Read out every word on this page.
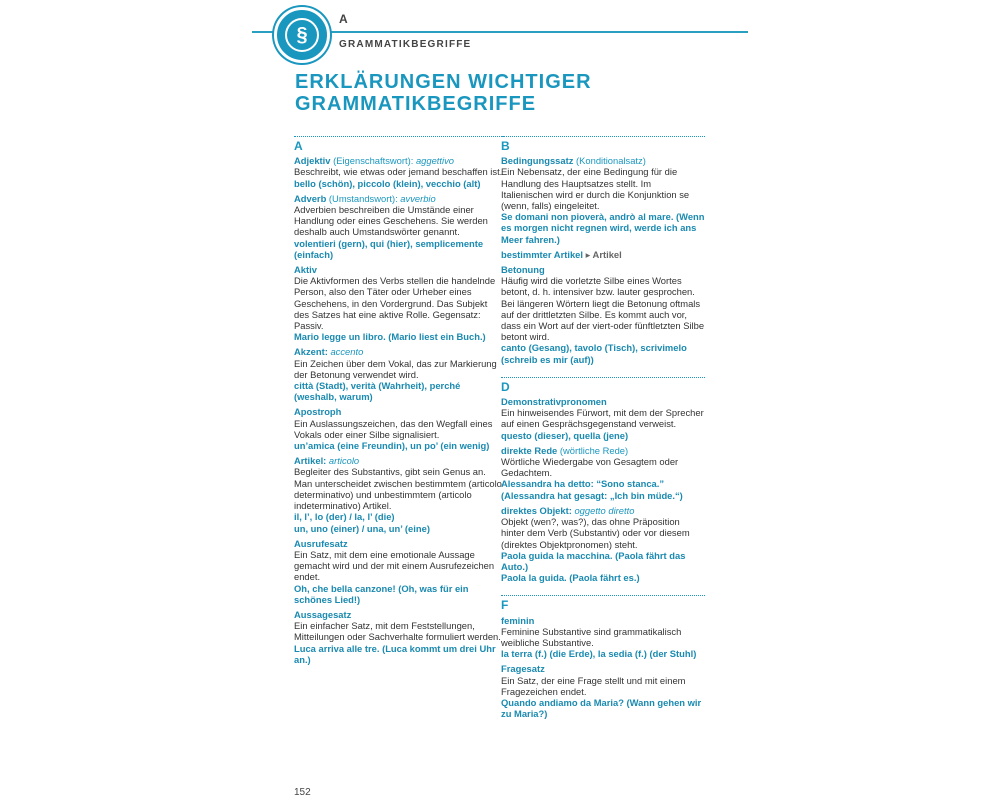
§
A
GRAMMATIKBEGRIFFE
ERKLÄRUNGEN WICHTIGER
GRAMMATIKBEGRIFFE
A
Adjektiv (Eigenschaftswort): aggettivo
Beschreibt, wie etwas oder jemand beschaffen ist.
bello (schön), piccolo (klein), vecchio (alt)
Adverb (Umstandswort): avverbio
Adverbien beschreiben die Umstände einer Handlung oder eines Geschehens. Sie werden deshalb auch Umstandswörter genannt.
volentieri (gern), qui (hier), semplicemente (einfach)
Aktiv
Die Aktivformen des Verbs stellen die handelnde Person, also den Täter oder Urheber eines Geschehens, in den Vordergrund. Das Subjekt des Satzes hat eine aktive Rolle. Gegensatz: Passiv.
Mario legge un libro. (Mario liest ein Buch.)
Akzent: accento
Ein Zeichen über dem Vokal, das zur Markierung der Betonung verwendet wird.
città (Stadt), verità (Wahrheit), perché (weshalb, warum)
Apostroph
Ein Auslassungszeichen, das den Wegfall eines Vokals oder einer Silbe signalisiert.
un’amica (eine Freundin), un po’ (ein wenig)
Artikel: articolo
Begleiter des Substantivs, gibt sein Genus an. Man unterscheidet zwischen bestimmtem (articolo determinativo) und unbestimmtem (articolo indeterminativo) Artikel.
il, l’, lo (der) / la, l’ (die)
un, uno (einer) / una, un’ (eine)
Ausrufesatz
Ein Satz, mit dem eine emotionale Aussage gemacht wird und der mit einem Ausrufezeichen endet.
Oh, che bella canzone! (Oh, was für ein schönes Lied!)
Aussagesatz
Ein einfacher Satz, mit dem Feststellungen, Mitteilungen oder Sachverhalte formuliert werden.
Luca arriva alle tre. (Luca kommt um drei Uhr an.)
B
Bedingungssatz (Konditionalsatz)
Ein Nebensatz, der eine Bedingung für die Handlung des Hauptsatzes stellt. Im Italienischen wird er durch die Konjunktion se (wenn, falls) eingeleitet.
Se domani non pioverà, andrò al mare. (Wenn es morgen nicht regnen wird, werde ich ans Meer fahren.)
bestimmter Artikel ▸ Artikel
Betonung
Häufig wird die vorletzte Silbe eines Wortes betont, d. h. intensiver bzw. lauter gesprochen. Bei längeren Wörtern liegt die Betonung oftmals auf der drittletzten Silbe. Es kommt auch vor, dass ein Wort auf der viert-oder fünftletzten Silbe betont wird.
canto (Gesang), tavolo (Tisch), scrivimelo (schreib es mir (auf))
D
Demonstrativpronomen
Ein hinweisendes Fürwort, mit dem der Sprecher auf einen Gesprächsgegenstand verweist.
questo (dieser), quella (jene)
direkte Rede (wörtliche Rede)
Wörtliche Wiedergabe von Gesagtem oder Gedachtem.
Alessandra ha detto: “Sono stanca.” (Alessandra hat gesagt: „Ich bin müde.“)
direktes Objekt: oggetto diretto
Objekt (wen?, was?), das ohne Präposition hinter dem Verb (Substantiv) oder vor diesem (direktes Objektpronomen) steht.
Paola guida la macchina. (Paola fährt das Auto.)
Paola la guida. (Paola fährt es.)
F
feminin
Feminine Substantive sind grammatikalisch weibliche Substantive.
la terra (f.) (die Erde), la sedia (f.) (der Stuhl)
Fragesatz
Ein Satz, der eine Frage stellt und mit einem Fragezeichen endet.
Quando andiamo da Maria? (Wann gehen wir zu Maria?)
152
